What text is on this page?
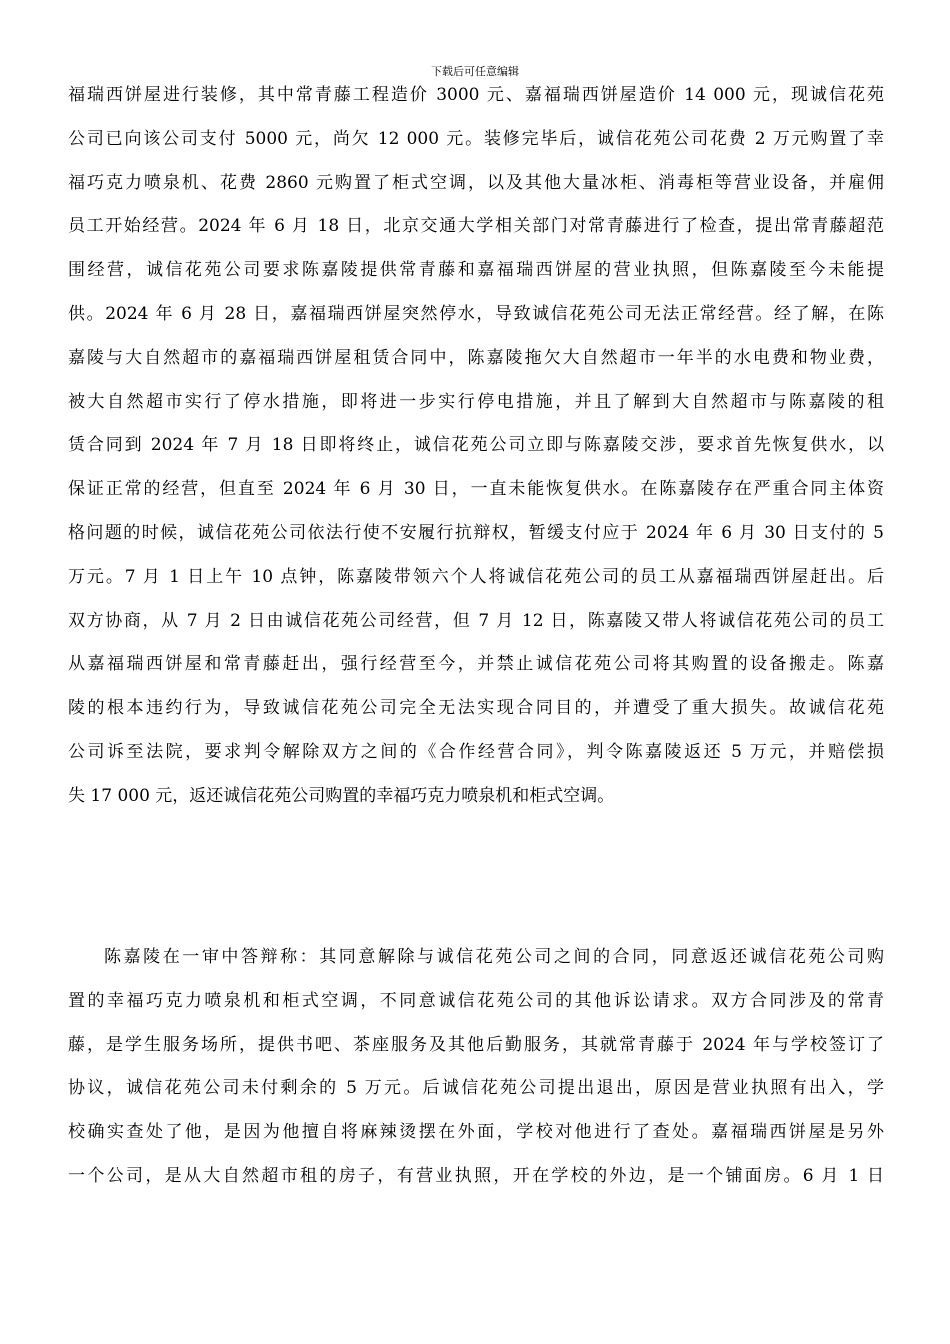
下载后可任意编辑
福瑞西饼屋进行装修，其中常青藤工程造价 3000 元、嘉福瑞西饼屋造价 14 000 元，现诚信花苑
公司已向该公司支付 5000 元，尚欠 12 000 元。装修完毕后，诚信花苑公司花费 2 万元购置了幸
福巧克力喷泉机、花费 2860 元购置了柜式空调，以及其他大量冰柜、消毒柜等营业设备，并雇佣
员工开始经营。2024 年 6 月 18 日，北京交通大学相关部门对常青藤进行了检查，提出常青藤超范
围经营，诚信花苑公司要求陈嘉陵提供常青藤和嘉福瑞西饼屋的营业执照，但陈嘉陵至今未能提
供。2024 年 6 月 28 日，嘉福瑞西饼屋突然停水，导致诚信花苑公司无法正常经营。经了解，在陈
嘉陵与大自然超市的嘉福瑞西饼屋租赁合同中，陈嘉陵拖欠大自然超市一年半的水电费和物业费，
被大自然超市实行了停水措施，即将进一步实行停电措施，并且了解到大自然超市与陈嘉陵的租
赁合同到 2024 年 7 月 18 日即将终止，诚信花苑公司立即与陈嘉陵交涉，要求首先恢复供水，以
保证正常的经营，但直至 2024 年 6 月 30 日，一直未能恢复供水。在陈嘉陵存在严重合同主体资
格问题的时候，诚信花苑公司依法行使不安履行抗辩权，暂缓支付应于 2024 年 6 月 30 日支付的 5
万元。7 月 1 日上午 10 点钟，陈嘉陵带领六个人将诚信花苑公司的员工从嘉福瑞西饼屋赶出。后
双方协商，从 7 月 2 日由诚信花苑公司经营，但 7 月 12 日，陈嘉陵又带人将诚信花苑公司的员工
从嘉福瑞西饼屋和常青藤赶出，强行经营至今，并禁止诚信花苑公司将其购置的设备搬走。陈嘉
陵的根本违约行为，导致诚信花苑公司完全无法实现合同目的，并遭受了重大损失。故诚信花苑
公司诉至法院，要求判令解除双方之间的《合作经营合同》，判令陈嘉陵返还 5 万元，并赔偿损
失 17 000 元，返还诚信花苑公司购置的幸福巧克力喷泉机和柜式空调。
陈嘉陵在一审中答辩称：其同意解除与诚信花苑公司之间的合同，同意返还诚信花苑公司购
置的幸福巧克力喷泉机和柜式空调，不同意诚信花苑公司的其他诉讼请求。双方合同涉及的常青
藤，是学生服务场所，提供书吧、茶座服务及其他后勤服务，其就常青藤于 2024 年与学校签订了
协议，诚信花苑公司未付剩余的 5 万元。后诚信花苑公司提出退出，原因是营业执照有出入，学
校确实查处了他，是因为他擅自将麻辣烫摆在外面，学校对他进行了查处。嘉福瑞西饼屋是另外
一个公司，是从大自然超市租的房子，有营业执照，开在学校的外边，是一个铺面房。6 月 1 日
